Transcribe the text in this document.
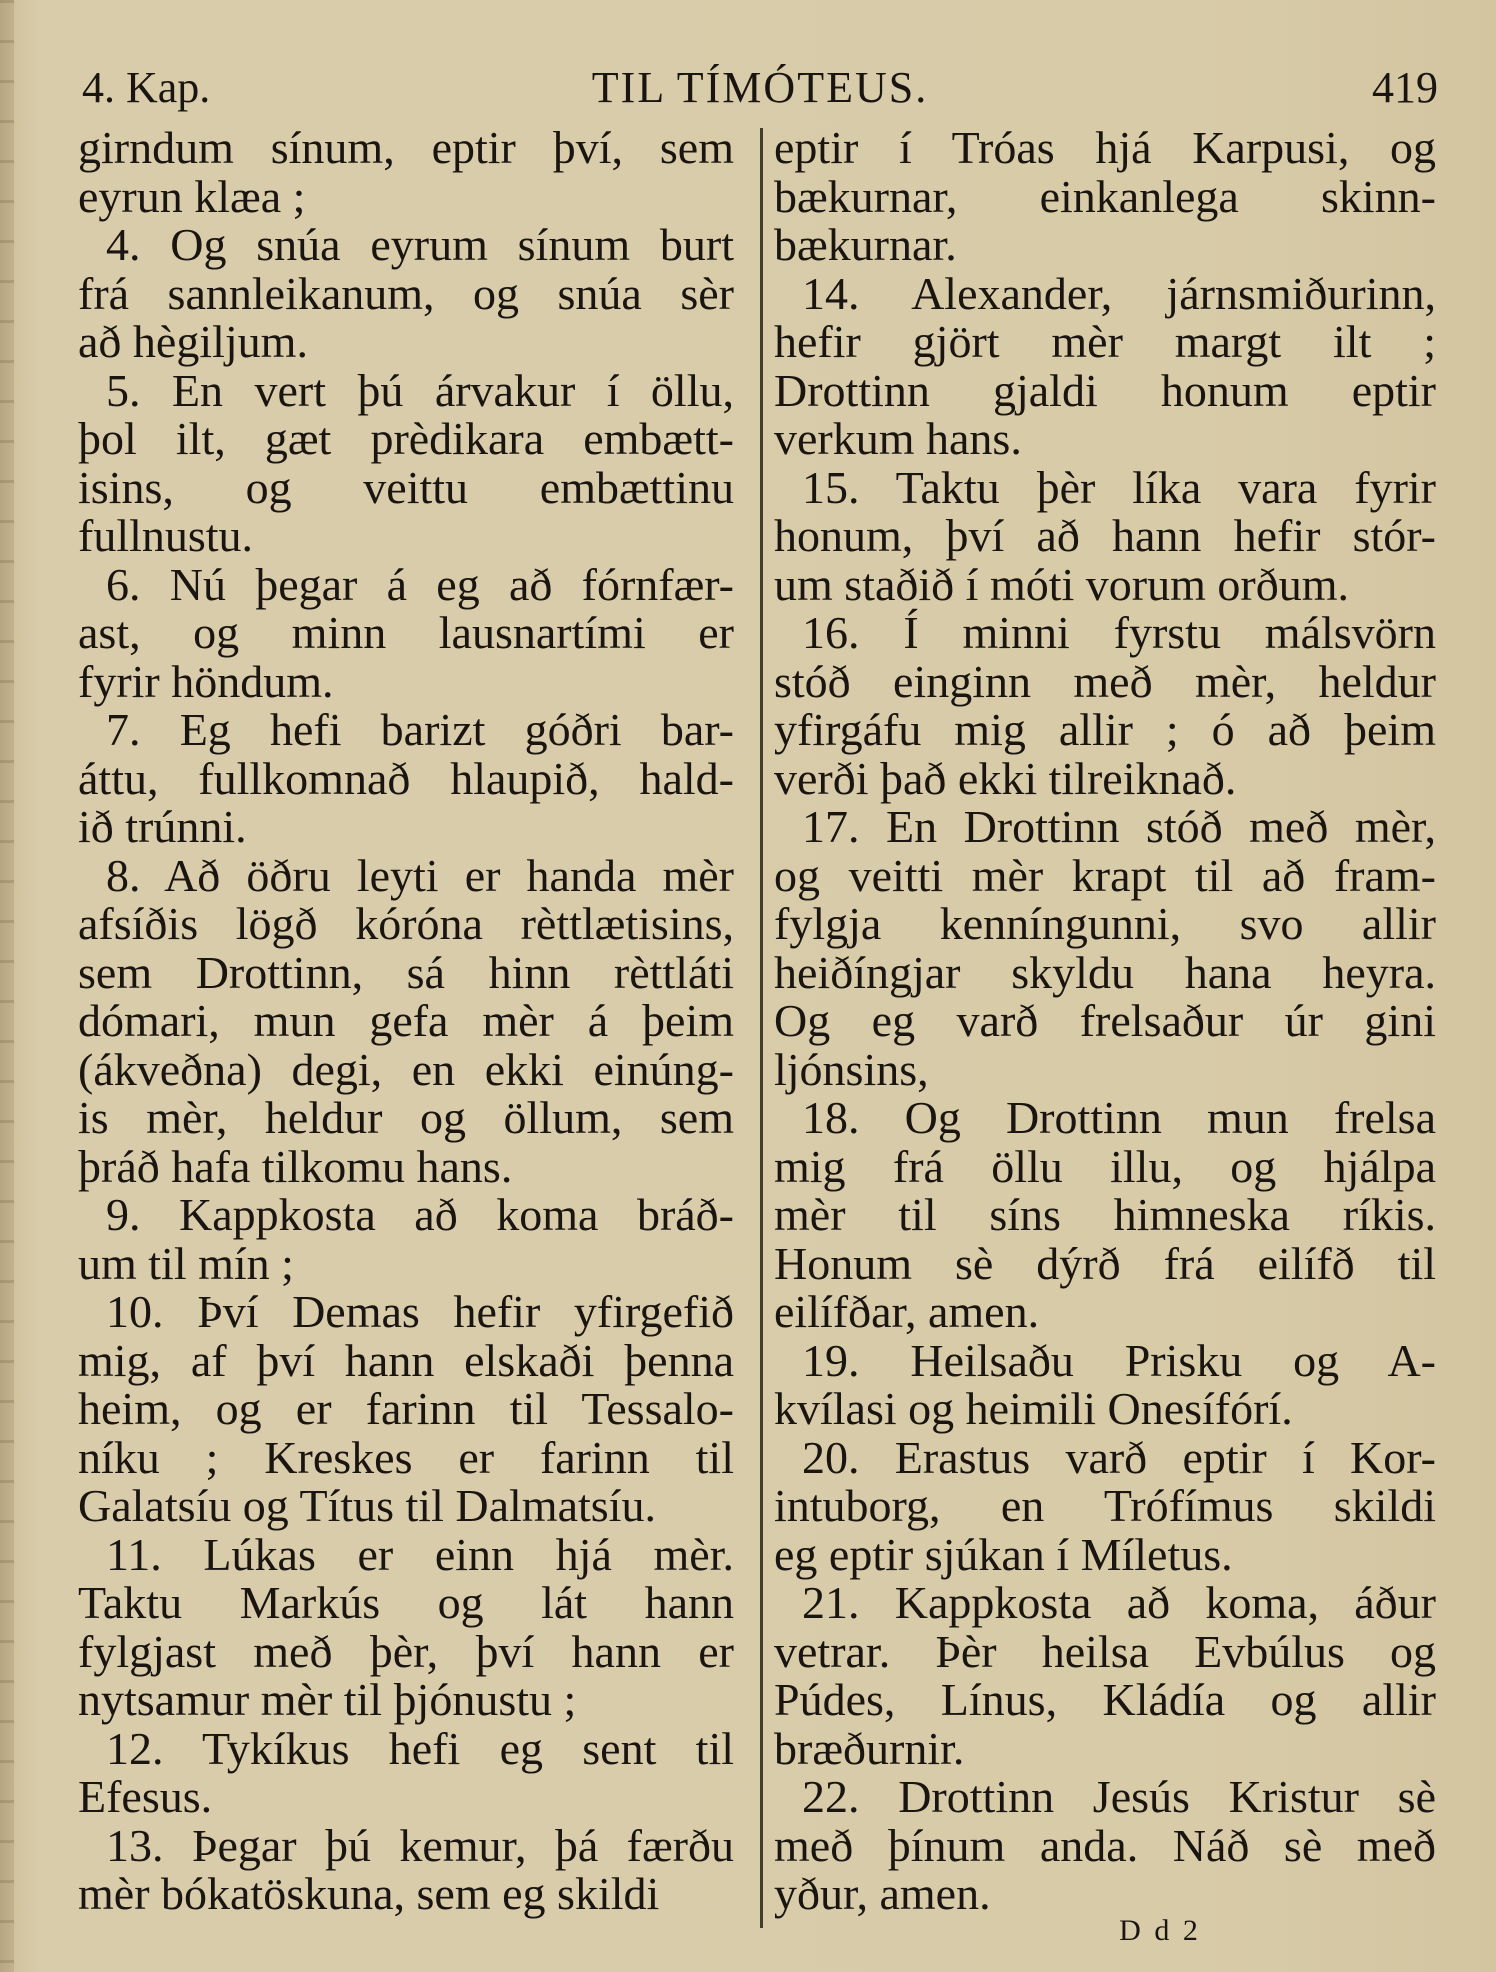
4. Kap.	TIL TÍMÓTEUS.	419
girndum sínum, eptir því, sem
eyrun klæa ;
4. Og snúa eyrum sínum burt
frá sannleikanum, og snúa sèr
að hègiljum.
5. En vert þú árvakur í öllu,
þol ilt, gæt prèdikara embætt-
isins, og veittu embættinu
fullnustu.
6. Nú þegar á eg að fórnfær-
ast, og minn lausnartími er
fyrir höndum.
7. Eg hefi barizt góðri bar-
áttu, fullkomnað hlaupið, hald-
ið trúnni.
8. Að öðru leyti er handa mèr
afsíðis lögð kóróna rèttlætisins,
sem Drottinn, sá hinn rèttláti
dómari, mun gefa mèr á þeim
(ákveðna) degi, en ekki einúng-
is mèr, heldur og öllum, sem
þráð hafa tilkomu hans.
9. Kappkosta að koma bráð-
um til mín ;
10. Því Demas hefir yfirgefið
mig, af því hann elskaði þenna
heim, og er farinn til Tessalo-
níku ; Kreskes er farinn til
Galatsíu og Títus til Dalmatsíu.
11. Lúkas er einn hjá mèr.
Taktu Markús og lát hann
fylgjast með þèr, því hann er
nytsamur mèr til þjónustu ;
12. Tykíkus hefi eg sent til
Efesus.
13. Þegar þú kemur, þá færðu
mèr bókatöskuna, sem eg skildi
eptir í Tróas hjá Karpusi, og
bækurnar, einkanlega skinn-
bækurnar.
14. Alexander, járnsmiðurinn,
hefir gjört mèr margt ilt ;
Drottinn gjaldi honum eptir
verkum hans.
15. Taktu þèr líka vara fyrir
honum, því að hann hefir stór-
um staðið í móti vorum orðum.
16. Í minni fyrstu málsvörn
stóð einginn með mèr, heldur
yfirgáfu mig allir ; ó að þeim
verði það ekki tilreiknað.
17. En Drottinn stóð með mèr,
og veitti mèr krapt til að fram-
fylgja kenníngunni, svo allir
heiðíngjar skyldu hana heyra.
Og eg varð frelsaður úr gini
ljónsins,
18. Og Drottinn mun frelsa
mig frá öllu illu, og hjálpa
mèr til síns himneska ríkis.
Honum sè dýrð frá eilífð til
eilífðar, amen.
19. Heilsaðu Prisku og A-
kvílasi og heimili Onesífórí.
20. Erastus varð eptir í Kor-
intuborg, en Trófímus skildi
eg eptir sjúkan í Míletus.
21. Kappkosta að koma, áður
vetrar. Þèr heilsa Evbúlus og
Púdes, Línus, Kládía og allir
bræðurnir.
22. Drottinn Jesús Kristur sè
með þínum anda. Náð sè með
yður, amen.
D d 2
